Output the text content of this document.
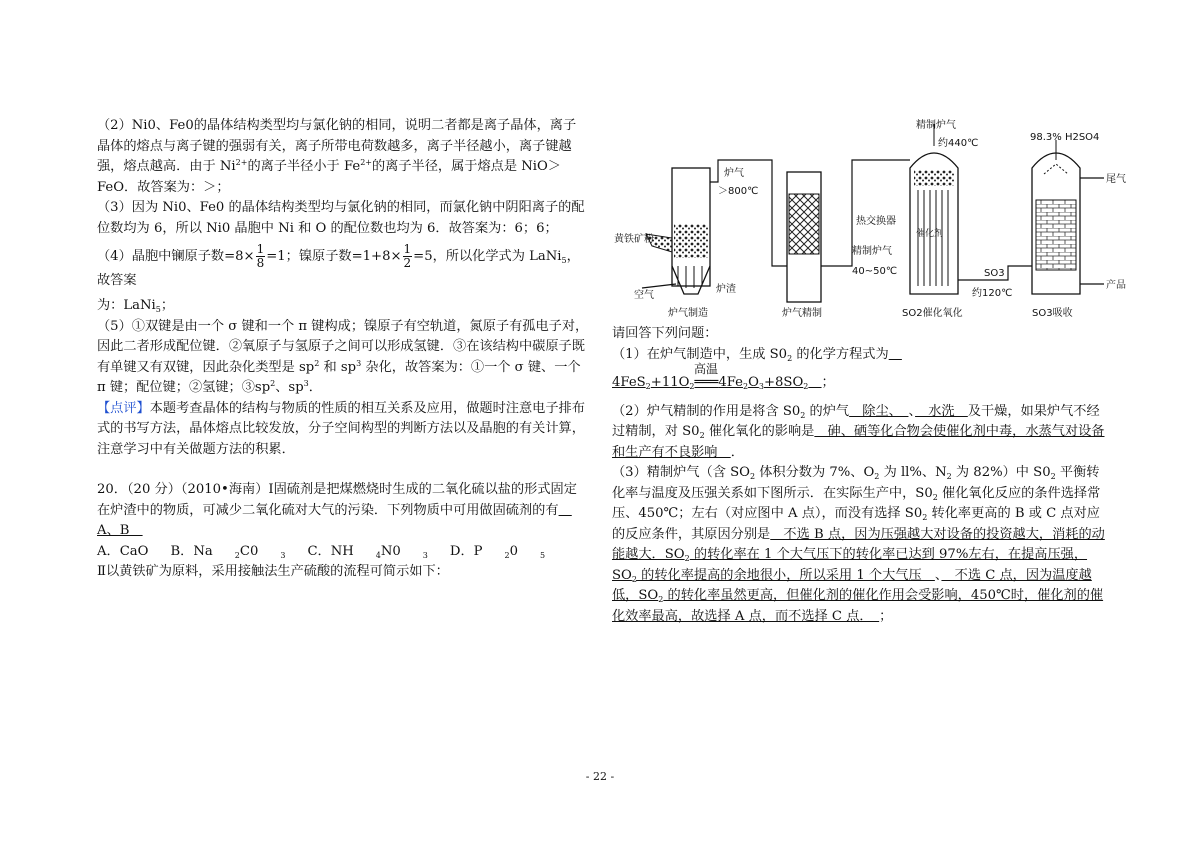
（2）Ni0、Fe0的晶体结构类型均与氯化钠的相同，说明二者都是离子晶体，离子晶体的熔点与离子键的强弱有关，离子所带电荷数越多，离子半径越小，离子键越强，熔点越高．由于 $Ni^{2+}$的离子半径小于 $Fe^{2+}$的离子半径，属于熔点是 NiO＞FeO．故答案为：＞；

（3）因为 Ni0、Fe0 的晶体结构类型均与氯化钠的相同，而氯化钠中阴阳离子的配位数均为 6，所以 Ni0 晶胞中 Ni 和 O 的配位数也均为 6．故答案为：6；6；

（4）晶胞中镧原子数$=8\times \frac{1}{8} =1$；镍原子数$=1+8\times \frac{1}{2} =5$，所以化学式为 LaNi$_5$，故答案

为：LaNi$_5$；

（5）①双键是由一个 σ 键和一个 π 键构成；镍原子有空轨道，氮原子有孤电子对，因此二者形成配位键．②氧原子与氢原子之间可以形成氢键．③在该结构中碳原子既有单键又有双键，因此杂化类型是 $sp^2$ 和 $sp^3$ 杂化，故答案为：①一个 σ 键、一个 π 键；配位键；②氢键；$③sp^2$、$sp^3$．

【点评】本题考查晶体的结构与物质的性质的相互关系及应用，做题时注意电子排布式的书写方法，晶体熔点比较发放，分子空间构型的判断方法以及晶胞的有关计算，注意学习中有关做题方法的积累．

20．（20 分）（2010•海南）Ⅰ固硫剂是把煤燃烧时生成的二氧化硫以盐的形式固定在炉渣中的物质，可减少二氧化硫对大气的污染．下列物质中可用做固硫剂的有　A、B　

A．CaO B．Na	$_2$C0	$_3$ C．NH	$_4$N0	$_3$ D．P	$_2$0	$_5$

Ⅱ以黄铁矿为原料，采用接触法生产硫酸的流程可简示如下：

精制炉气
约440℃
98.3% H2SO4
尾气
炉气
＞800℃
黄铁矿粉
热交换器
催化剂
精制炉气
40~50℃
炉渣
空气
SO3
约120℃
产品
炉气制造	炉气精制	SO2催化氧化	SO3吸收

请回答下列问题：

（1）在炉气制造中，生成 $S0_2$ 的化学方程式为　

高温
$4FeS_2+11O_2═══4Fe_2O_3+8SO_2$　 ；

（2）炉气精制的作用是将含 $S0_2$ 的炉气　除尘、　、　水洗　及干燥，如果炉气不经过精制，对 $S0_2$ 催化氧化的影响是　砷、硒等化合物会使催化剂中毒，水蒸气对设备和生产有不良影响　．

（3）精制炉气（含 $SO_2$ 体积分数为 7%、$O_2$ 为 ll%、$N_2$ 为 82%）中 $S0_2$ 平衡转化率与温度及压强关系如下图所示．在实际生产中，$S0_2$ 催化氧化反应的条件选择常压、450℃；左右（对应图中 A 点），而没有选择 $S0_2$ 转化率更高的 B 或 C 点对应的反应条件，其原因分别是　不选 B 点，因为压强越大对设备的投资越大，消耗的动能越大．$SO_2$ 的转化率在 1 个大气压下的转化率已达到 97%左右，在提高压强，$SO_2$ 的转化率提高的余地很小，所以采用 1 个大气压　、　不选 C 点，因为温度越低，$SO_2$ 的转化率虽然更高，但催化剂的催化作用会受影响，450℃时，催化剂的催化效率最高，故选择 A 点，而不选择 C 点．　；

- 22 -
